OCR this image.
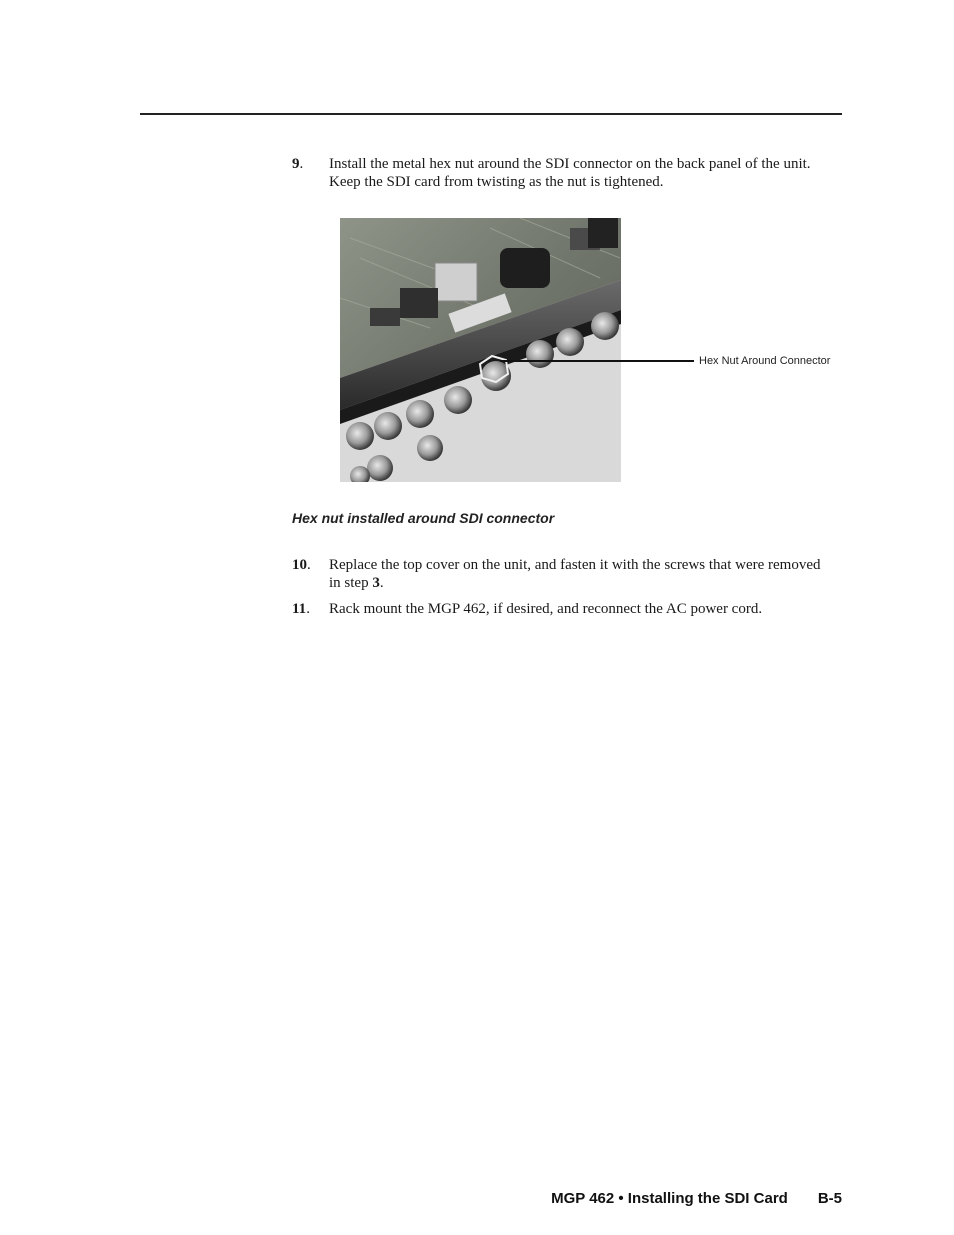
9. Install the metal hex nut around the SDI connector on the back panel of the unit. Keep the SDI card from twisting as the nut is tightened.
Hex Nut Around Connector
Hex nut installed around SDI connector
10. Replace the top cover on the unit, and fasten it with the screws that were removed in step 3.
11. Rack mount the MGP 462, if desired, and reconnect the AC power cord.
MGP 462 • Installing the SDI Card B-5
